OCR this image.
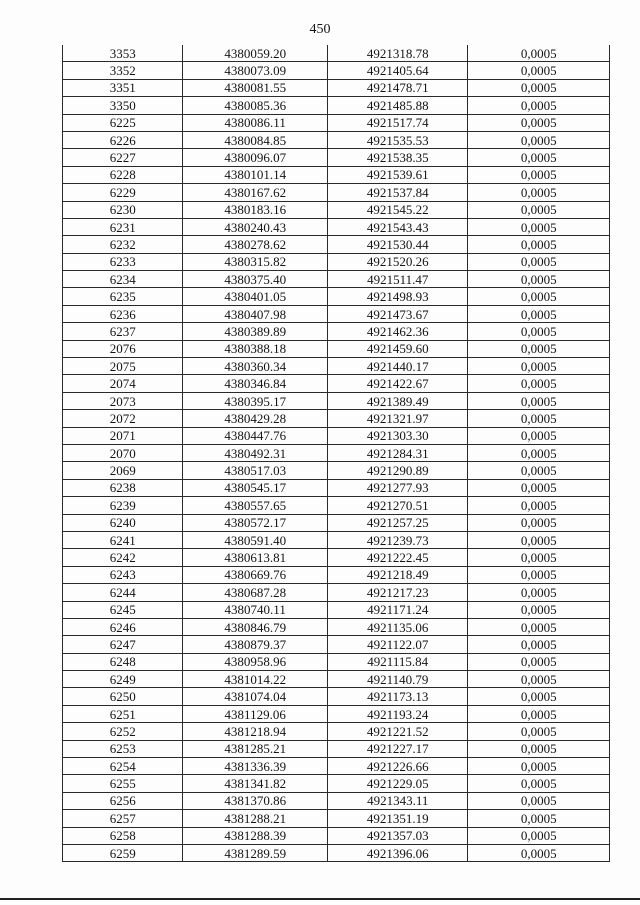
450
3353	4380059.20	4921318.78	0,0005
3352	4380073.09	4921405.64	0,0005
3351	4380081.55	4921478.71	0,0005
3350	4380085.36	4921485.88	0,0005
6225	4380086.11	4921517.74	0,0005
6226	4380084.85	4921535.53	0,0005
6227	4380096.07	4921538.35	0,0005
6228	4380101.14	4921539.61	0,0005
6229	4380167.62	4921537.84	0,0005
6230	4380183.16	4921545.22	0,0005
6231	4380240.43	4921543.43	0,0005
6232	4380278.62	4921530.44	0,0005
6233	4380315.82	4921520.26	0,0005
6234	4380375.40	4921511.47	0,0005
6235	4380401.05	4921498.93	0,0005
6236	4380407.98	4921473.67	0,0005
6237	4380389.89	4921462.36	0,0005
2076	4380388.18	4921459.60	0,0005
2075	4380360.34	4921440.17	0,0005
2074	4380346.84	4921422.67	0,0005
2073	4380395.17	4921389.49	0,0005
2072	4380429.28	4921321.97	0,0005
2071	4380447.76	4921303.30	0,0005
2070	4380492.31	4921284.31	0,0005
2069	4380517.03	4921290.89	0,0005
6238	4380545.17	4921277.93	0,0005
6239	4380557.65	4921270.51	0,0005
6240	4380572.17	4921257.25	0,0005
6241	4380591.40	4921239.73	0,0005
6242	4380613.81	4921222.45	0,0005
6243	4380669.76	4921218.49	0,0005
6244	4380687.28	4921217.23	0,0005
6245	4380740.11	4921171.24	0,0005
6246	4380846.79	4921135.06	0,0005
6247	4380879.37	4921122.07	0,0005
6248	4380958.96	4921115.84	0,0005
6249	4381014.22	4921140.79	0,0005
6250	4381074.04	4921173.13	0,0005
6251	4381129.06	4921193.24	0,0005
6252	4381218.94	4921221.52	0,0005
6253	4381285.21	4921227.17	0,0005
6254	4381336.39	4921226.66	0,0005
6255	4381341.82	4921229.05	0,0005
6256	4381370.86	4921343.11	0,0005
6257	4381288.21	4921351.19	0,0005
6258	4381288.39	4921357.03	0,0005
6259	4381289.59	4921396.06	0,0005
